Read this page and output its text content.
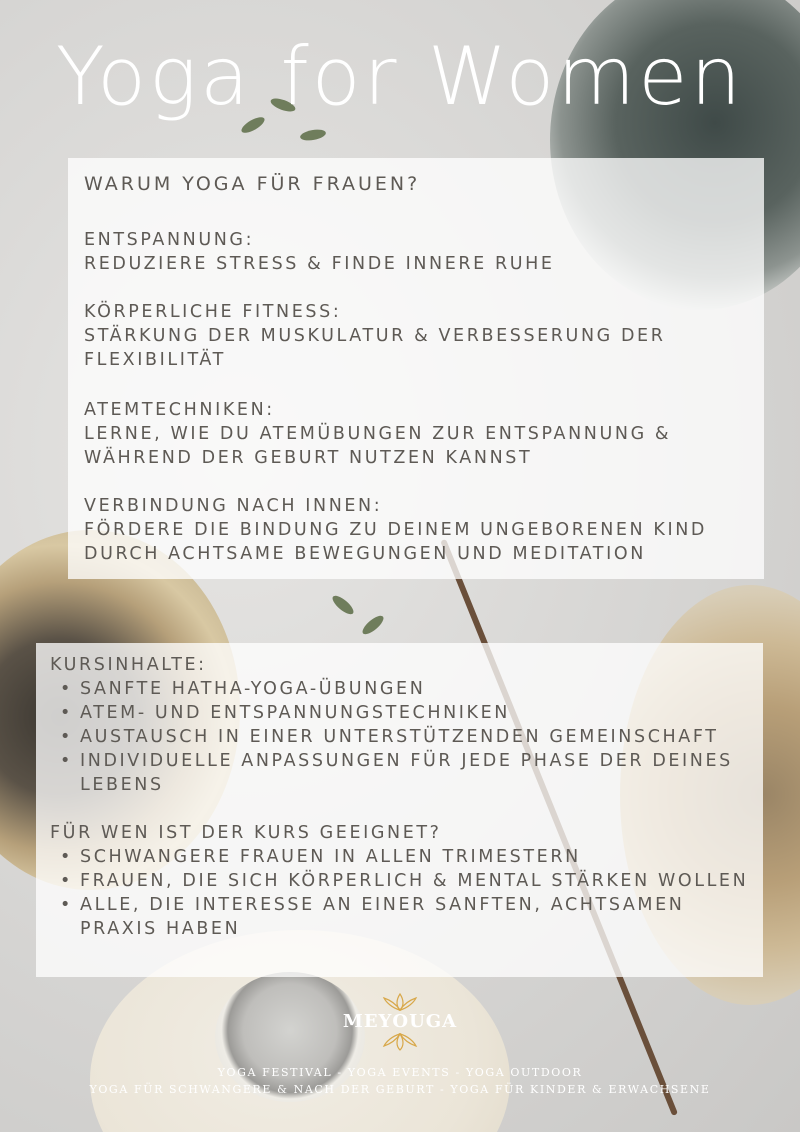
Yoga for Women

WARUM YOGA FÜR FRAUEN?

ENTSPANNUNG:
REDUZIERE STRESS & FINDE INNERE RUHE

KÖRPERLICHE FITNESS:
STÄRKUNG DER MUSKULATUR & VERBESSERUNG DER FLEXIBILITÄT

ATEMTECHNIKEN:
LERNE, WIE DU ATEMÜBUNGEN ZUR ENTSPANNUNG & WÄHREND DER GEBURT NUTZEN KANNST

VERBINDUNG NACH INNEN:
FÖRDERE DIE BINDUNG ZU DEINEM UNGEBORENEN KIND DURCH ACHTSAME BEWEGUNGEN UND MEDITATION

KURSINHALTE:
• SANFTE HATHA-YOGA-ÜBUNGEN
• ATEM- UND ENTSPANNUNGSTECHNIKEN
• AUSTAUSCH IN EINER UNTERSTÜTZENDEN GEMEINSCHAFT
• INDIVIDUELLE ANPASSUNGEN FÜR JEDE PHASE DER DEINES LEBENS
FÜR WEN IST DER KURS GEEIGNET?
• SCHWANGERE FRAUEN IN ALLEN TRIMESTERN
• FRAUEN, DIE SICH KÖRPERLICH & MENTAL STÄRKEN WOLLEN
• ALLE, DIE INTERESSE AN EINER SANFTEN, ACHTSAMEN PRAXIS HABEN
MEYOUGA
YOGA FESTIVAL - YOGA EVENTS - YOGA OUTDOOR
YOGA FÜR SCHWANGERE & NACH DER GEBURT - YOGA FÜR KINDER & ERWACHSENE
